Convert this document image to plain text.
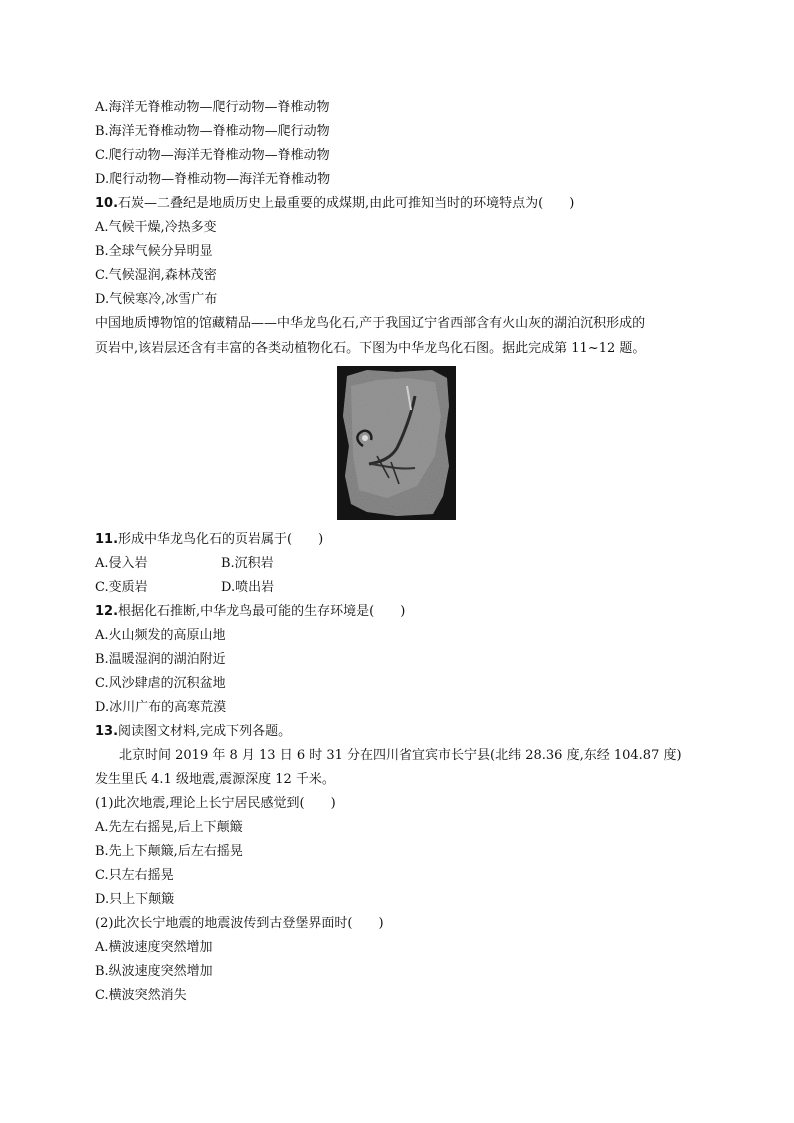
A.海洋无脊椎动物—爬行动物—脊椎动物
B.海洋无脊椎动物—脊椎动物—爬行动物
C.爬行动物—海洋无脊椎动物—脊椎动物
D.爬行动物—脊椎动物—海洋无脊椎动物
10.石炭—二叠纪是地质历史上最重要的成煤期,由此可推知当时的环境特点为(　　)
A.气候干燥,冷热多变
B.全球气候分异明显
C.气候湿润,森林茂密
D.气候寒冷,冰雪广布
中国地质博物馆的馆藏精品——中华龙鸟化石,产于我国辽宁省西部含有火山灰的湖泊沉积形成的
页岩中,该岩层还含有丰富的各类动植物化石。下图为中华龙鸟化石图。据此完成第 11~12 题。
11.形成中华龙鸟化石的页岩属于(　　)
A.侵入岩	B.沉积岩
C.变质岩	D.喷出岩
12.根据化石推断,中华龙鸟最可能的生存环境是(　　)
A.火山频发的高原山地
B.温暖湿润的湖泊附近
C.风沙肆虐的沉积盆地
D.冰川广布的高寒荒漠
13.阅读图文材料,完成下列各题。
北京时间 2019 年 8 月 13 日 6 时 31 分在四川省宜宾市长宁县(北纬 28.36 度,东经 104.87 度)
发生里氏 4.1 级地震,震源深度 12 千米。
(1)此次地震,理论上长宁居民感觉到(　　)
A.先左右摇晃,后上下颠簸
B.先上下颠簸,后左右摇晃
C.只左右摇晃
D.只上下颠簸
(2)此次长宁地震的地震波传到古登堡界面时(　　)
A.横波速度突然增加
B.纵波速度突然增加
C.横波突然消失
